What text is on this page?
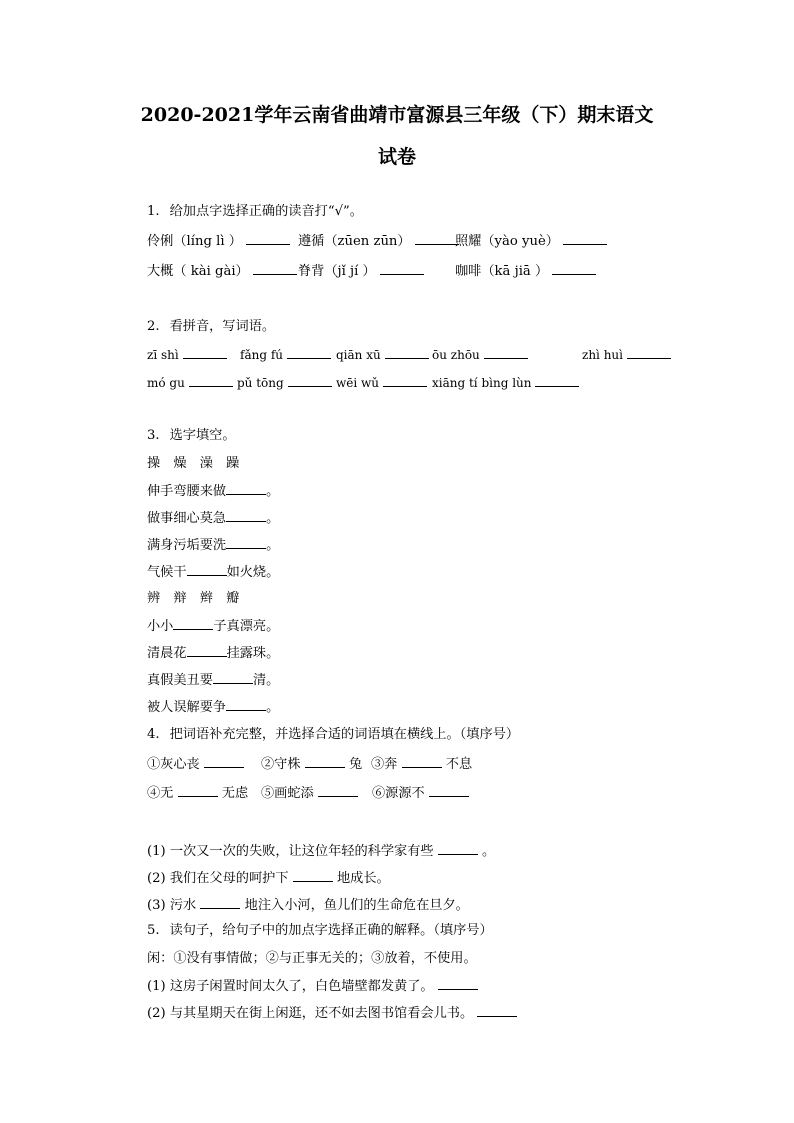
2020-2021学年云南省曲靖市富源县三年级（下）期末语文
试卷
1. 给加点字选择正确的读音打“√”。
伶俐（líng lì ）	遵循（zūen zūn）	照耀（yào yuè）
大概（ kài gài）	脊背（jǐ jí ）	咖啡（kā jiā ）
2. 看拼音，写词语。
zī shì	fǎng fú	qiān xū	ōu zhōu	zhì huì
mó gu	pǔ tōng	wēi wǔ	xiāng tí bìng lùn
3. 选字填空。
操　燥　澡　躁
伸手弯腰来做	。
做事细心莫急	。
满身污垢要洗	。
气候干	如火烧。
辨　辩　辫　瓣
小小	子真漂亮。
清晨花	挂露珠。
真假美丑要	清。
被人误解要争	。
4. 把词语补充完整，并选择合适的词语填在横线上。（填序号）
①灰心丧	②守株	兔 ③奔	不息
④无	无虑 ⑤画蛇添	⑥源源不
(1) 一次又一次的失败，让这位年轻的科学家有些	。
(2) 我们在父母的呵护下	地成长。
(3) 污水	地注入小河，鱼儿们的生命危在旦夕。
5. 读句子，给句子中的加点字选择正确的解释。（填序号）
闲：①没有事情做；②与正事无关的；③放着，不使用。
(1) 这房子闲置时间太久了，白色墙壁都发黄了。
(2) 与其星期天在街上闲逛，还不如去图书馆看会儿书。
